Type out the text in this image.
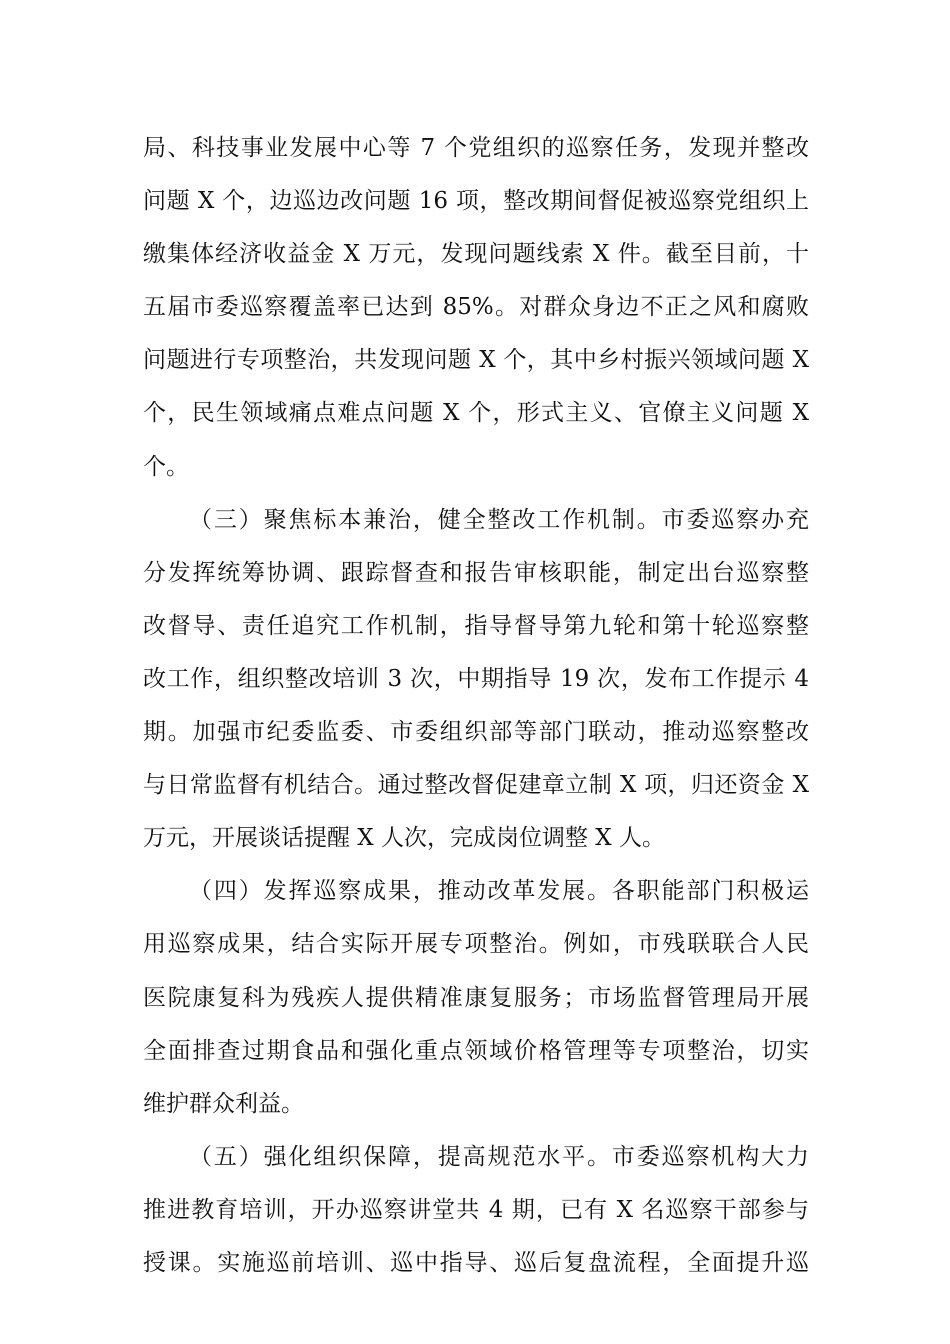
局、科技事业发展中心等 7 个党组织的巡察任务，发现并整改
问题 X 个，边巡边改问题 16 项，整改期间督促被巡察党组织上
缴集体经济收益金 X 万元，发现问题线索 X 件。截至目前，十
五届市委巡察覆盖率已达到 85%。对群众身边不正之风和腐败
问题进行专项整治，共发现问题 X 个，其中乡村振兴领域问题 X
个，民生领域痛点难点问题 X 个，形式主义、官僚主义问题 X
个。
（三）聚焦标本兼治，健全整改工作机制。市委巡察办充
分发挥统筹协调、跟踪督查和报告审核职能，制定出台巡察整
改督导、责任追究工作机制，指导督导第九轮和第十轮巡察整
改工作，组织整改培训 3 次，中期指导 19 次，发布工作提示 4
期。加强市纪委监委、市委组织部等部门联动，推动巡察整改
与日常监督有机结合。通过整改督促建章立制 X 项，归还资金 X
万元，开展谈话提醒 X 人次，完成岗位调整 X 人。
（四）发挥巡察成果，推动改革发展。各职能部门积极运
用巡察成果，结合实际开展专项整治。例如，市残联联合人民
医院康复科为残疾人提供精准康复服务；市场监督管理局开展
全面排查过期食品和强化重点领域价格管理等专项整治，切实
维护群众利益。
（五）强化组织保障，提高规范水平。市委巡察机构大力
推进教育培训，开办巡察讲堂共 4 期，已有 X 名巡察干部参与
授课。实施巡前培训、巡中指导、巡后复盘流程，全面提升巡
